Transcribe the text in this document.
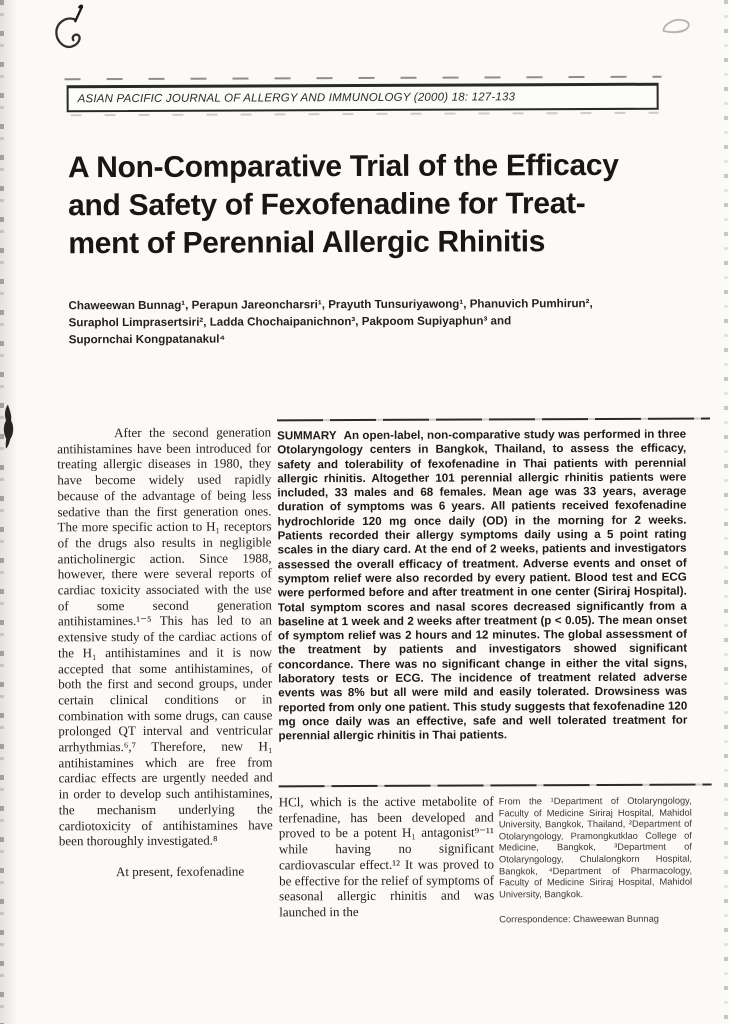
ASIAN PACIFIC JOURNAL OF ALLERGY AND IMMUNOLOGY (2000) 18: 127-133
A Non-Comparative Trial of the Efficacy
and Safety of Fexofenadine for Treat-
ment of Perennial Allergic Rhinitis
Chaweewan Bunnag¹, Perapun Jareoncharsri¹, Prayuth Tunsuriyawong¹, Phanuvich Pumhirun²,
Suraphol Limprasertsiri², Ladda Chochaipanichnon³, Pakpoom Supiyaphun³ and
Supornchai Kongpatanakul⁴

After the second generation antihistamines have been introduced for treating allergic diseases in 1980, they have become widely used rapidly because of the advantage of being less sedative than the first generation ones. The more specific action to H₁ receptors of the drugs also results in negligible anticholinergic action. Since 1988, however, there were several reports of cardiac toxicity associated with the use of some second generation antihistamines.¹⁻⁵ This has led to an extensive study of the cardiac actions of the H₁ antihistamines and it is now accepted that some antihistamines, of both the first and second groups, under certain clinical conditions or in combination with some drugs, can cause prolonged QT interval and ventricular arrhythmias.⁶,⁷ Therefore, new H₁ antihistamines which are free from cardiac effects are urgently needed and in order to develop such antihistamines, the mechanism underlying the cardiotoxicity of antihistamines have been thoroughly investigated.⁸

At present, fexofenadine

SUMMARY An open-label, non-comparative study was performed in three Otolaryngology centers in Bangkok, Thailand, to assess the efficacy, safety and tolerability of fexofenadine in Thai patients with perennial allergic rhinitis. Altogether 101 perennial allergic rhinitis patients were included, 33 males and 68 females. Mean age was 33 years, average duration of symptoms was 6 years. All patients received fexofenadine hydrochloride 120 mg once daily (OD) in the morning for 2 weeks. Patients recorded their allergy symptoms daily using a 5 point rating scales in the diary card. At the end of 2 weeks, patients and investigators assessed the overall efficacy of treatment. Adverse events and onset of symptom relief were also recorded by every patient. Blood test and ECG were performed before and after treatment in one center (Siriraj Hospital). Total symptom scores and nasal scores decreased significantly from a baseline at 1 week and 2 weeks after treatment (p < 0.05). The mean onset of symptom relief was 2 hours and 12 minutes. The global assessment of the treatment by patients and investigators showed significant concordance. There was no significant change in either the vital signs, laboratory tests or ECG. The incidence of treatment related adverse events was 8% but all were mild and easily tolerated. Drowsiness was reported from only one patient. This study suggests that fexofenadine 120 mg once daily was an effective, safe and well tolerated treatment for perennial allergic rhinitis in Thai patients.

HCl, which is the active metabolite of terfenadine, has been developed and proved to be a potent H₁ antagonist⁹⁻¹¹ while having no significant cardiovascular effect.¹² It was proved to be effective for the relief of symptoms of seasonal allergic rhinitis and was launched in the

From the ¹Department of Otolaryngology, Faculty of Medicine Siriraj Hospital, Mahidol University, Bangkok, Thailand, ²Department of Otolaryngology, Pramongkutklao College of Medicine, Bangkok, ³Department of Otolaryngology, Chulalongkorn Hospital, Bangkok, ⁴Department of Pharmacology, Faculty of Medicine Siriraj Hospital, Mahidol University, Bangkok.

Correspondence: Chaweewan Bunnag
